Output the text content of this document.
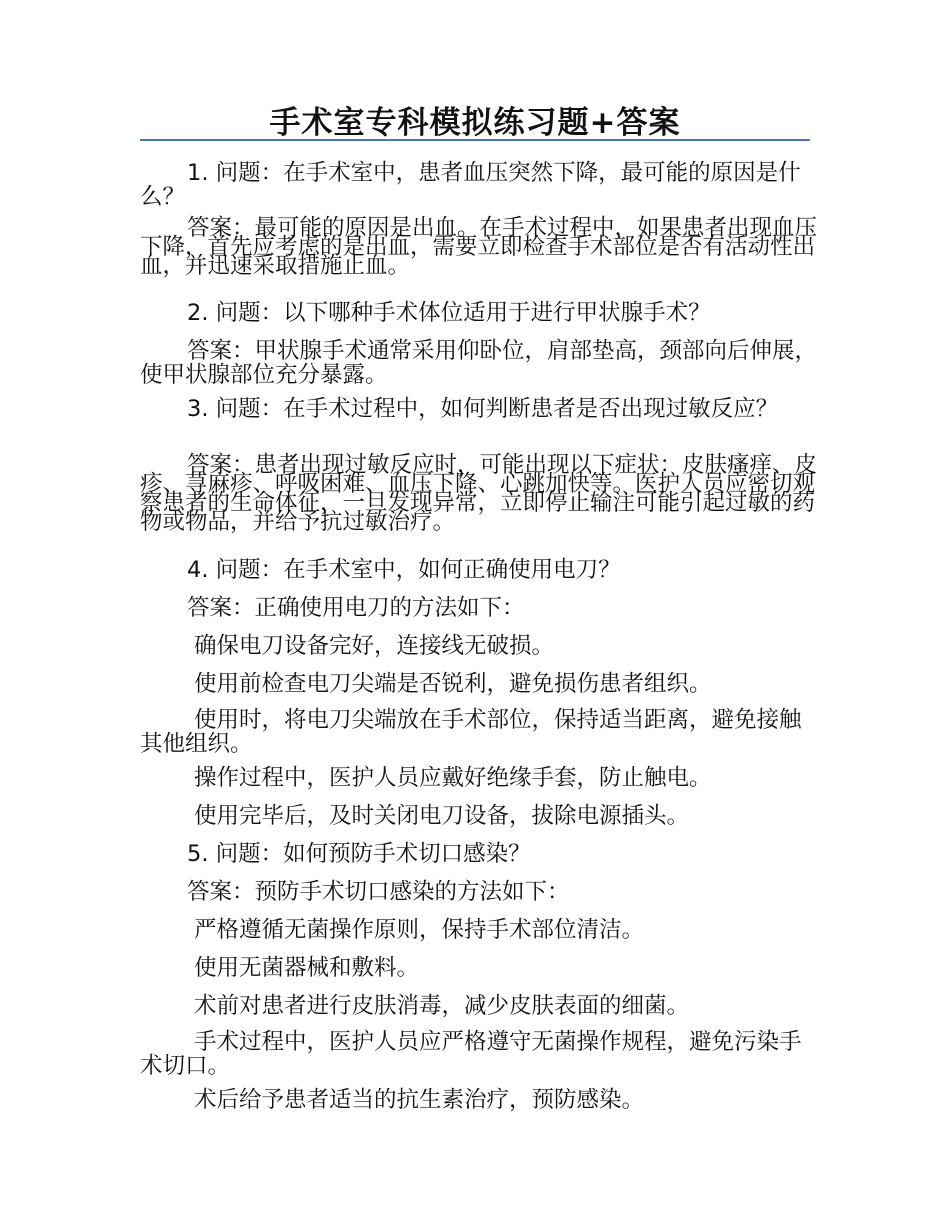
手术室专科模拟练习题+答案

1. 问题：在手术室中，患者血压突然下降，最可能的原因是什么？

答案：最可能的原因是出血。在手术过程中，如果患者出现血压下降，首先应考虑的是出血，需要立即检查手术部位是否有活动性出血，并迅速采取措施止血。

2. 问题：以下哪种手术体位适用于进行甲状腺手术？

答案：甲状腺手术通常采用仰卧位，肩部垫高，颈部向后伸展，使甲状腺部位充分暴露。

3. 问题：在手术过程中，如何判断患者是否出现过敏反应？

答案：患者出现过敏反应时，可能出现以下症状：皮肤瘙痒、皮疹、荨麻疹、呼吸困难、血压下降、心跳加快等。医护人员应密切观察患者的生命体征，一旦发现异常，立即停止输注可能引起过敏的药物或物品，并给予抗过敏治疗。

4. 问题：在手术室中，如何正确使用电刀？

答案：正确使用电刀的方法如下：

确保电刀设备完好，连接线无破损。

使用前检查电刀尖端是否锐利，避免损伤患者组织。

使用时，将电刀尖端放在手术部位，保持适当距离，避免接触其他组织。

操作过程中，医护人员应戴好绝缘手套，防止触电。

使用完毕后，及时关闭电刀设备，拔除电源插头。

5. 问题：如何预防手术切口感染？

答案：预防手术切口感染的方法如下：

严格遵循无菌操作原则，保持手术部位清洁。

使用无菌器械和敷料。

术前对患者进行皮肤消毒，减少皮肤表面的细菌。

手术过程中，医护人员应严格遵守无菌操作规程，避免污染手术切口。

术后给予患者适当的抗生素治疗，预防感染。
